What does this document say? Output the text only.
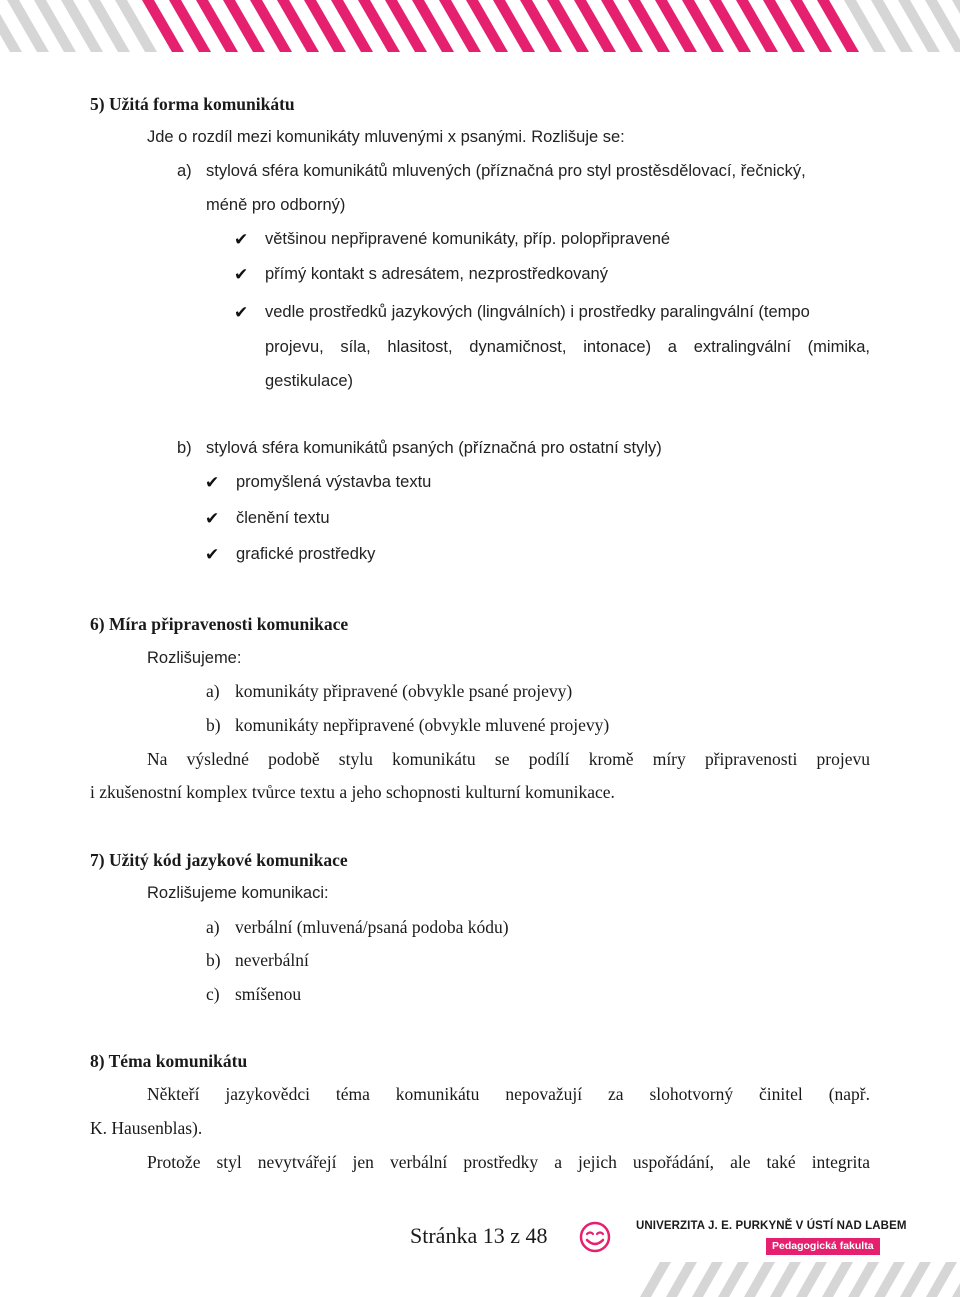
5) Užitá forma komunikátu
Jde o rozdíl mezi komunikáty mluvenými x psanými. Rozlišuje se:
a) stylová sféra komunikátů mluvených (příznačná pro styl prostěsdělovací, řečnický,
méně pro odborný)
✔ většinou nepřipravené komunikáty, příp. polopřipravené
✔ přímý kontakt s adresátem, nezprostředkovaný
✔ vedle prostředků jazykových (lingválních) i prostředky paralingvální (tempo
projevu, síla, hlasitost, dynamičnost, intonace) a extralingvální (mimika,
gestikulace)
b) stylová sféra komunikátů psaných (příznačná pro ostatní styly)
✔ promyšlená výstavba textu
✔ členění textu
✔ grafické prostředky
6) Míra připravenosti komunikace
Rozlišujeme:
a) komunikáty připravené (obvykle psané projevy)
b) komunikáty nepřipravené (obvykle mluvené projevy)
Na výsledné podobě stylu komunikátu se podílí kromě míry připravenosti projevu
i zkušenostní komplex tvůrce textu a jeho schopnosti kulturní komunikace.
7) Užitý kód jazykové komunikace
Rozlišujeme komunikaci:
a) verbální (mluvená/psaná podoba kódu)
b) neverbální
c) smíšenou
8) Téma komunikátu
Někteří jazykovědci téma komunikátu nepovažují za slohotvorný činitel (např.
K. Hausenblas).
Protože styl nevytvářejí jen verbální prostředky a jejich uspořádání, ale také integrita
Stránka 13 z 48	UNIVERZITA J. E. PURKYNĚ V ÚSTÍ NAD LABEM
Pedagogická fakulta
